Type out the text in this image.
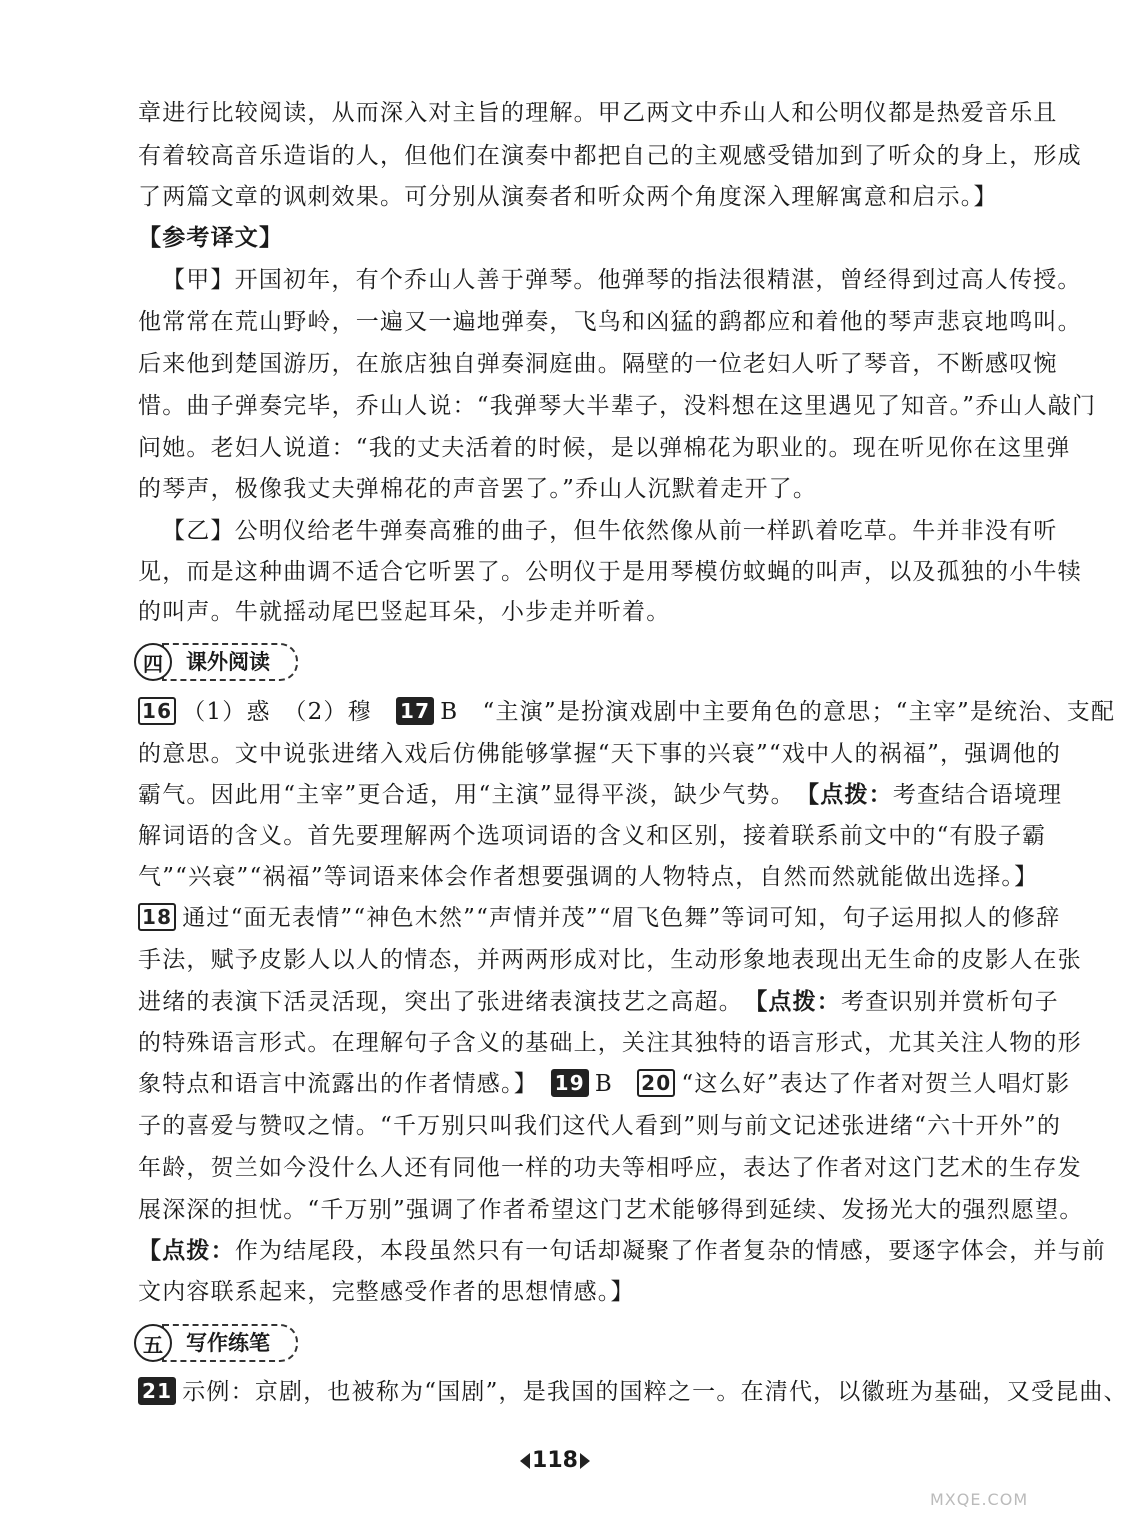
章进行比较阅读，从而深入对主旨的理解。甲乙两文中乔山人和公明仪都是热爱音乐且
有着较高音乐造诣的人，但他们在演奏中都把自己的主观感受错加到了听众的身上，形成
了两篇文章的讽刺效果。可分别从演奏者和听众两个角度深入理解寓意和启示。】
【参考译文】
【甲】开国初年，有个乔山人善于弹琴。他弹琴的指法很精湛，曾经得到过高人传授。
他常常在荒山野岭，一遍又一遍地弹奏，飞鸟和凶猛的鹞都应和着他的琴声悲哀地鸣叫。
后来他到楚国游历，在旅店独自弹奏洞庭曲。隔壁的一位老妇人听了琴音，不断感叹惋
惜。曲子弹奏完毕，乔山人说：“我弹琴大半辈子，没料想在这里遇见了知音。”乔山人敲门
问她。老妇人说道：“我的丈夫活着的时候，是以弹棉花为职业的。现在听见你在这里弹
的琴声，极像我丈夫弹棉花的声音罢了。”乔山人沉默着走开了。
【乙】公明仪给老牛弹奏高雅的曲子，但牛依然像从前一样趴着吃草。牛并非没有听
见，而是这种曲调不适合它听罢了。公明仪于是用琴模仿蚊蝇的叫声，以及孤独的小牛犊
的叫声。牛就摇动尾巴竖起耳朵，小步走并听着。
四	课外阅读
16 （1）惑　（2）穆　 17 B　“主演”是扮演戏剧中主要角色的意思；“主宰”是统治、支配
的意思。文中说张进绪入戏后仿佛能够掌握“天下事的兴衰”“戏中人的祸福”，强调他的
霸气。因此用“主宰”更合适，用“主演”显得平淡，缺少气势。　【点拨：考查结合语境理
解词语的含义。首先要理解两个选项词语的含义和区别，接着联系前文中的“有股子霸
气”“兴衰”“祸福”等词语来体会作者想要强调的人物特点，自然而然就能做出选择。】
18 通过“面无表情”“神色木然”“声情并茂”“眉飞色舞”等词可知，句子运用拟人的修辞
手法，赋予皮影人以人的情态，并两两形成对比，生动形象地表现出无生命的皮影人在张
进绪的表演下活灵活现，突出了张进绪表演技艺之高超。　【点拨：考查识别并赏析句子
的特殊语言形式。在理解句子含义的基础上，关注其独特的语言形式，尤其关注人物的形
象特点和语言中流露出的作者情感。】　 19 B　 20 “这么好”表达了作者对贺兰人唱灯影
子的喜爱与赞叹之情。“千万别只叫我们这代人看到”则与前文记述张进绪“六十开外”的
年龄，贺兰如今没什么人还有同他一样的功夫等相呼应，表达了作者对这门艺术的生存发
展深深的担忧。“千万别”强调了作者希望这门艺术能够得到延续、发扬光大的强烈愿望。
【点拨：作为结尾段，本段虽然只有一句话却凝聚了作者复杂的情感，要逐字体会，并与前
文内容联系起来，完整感受作者的思想情感。】
五	写作练笔
21 示例：京剧，也被称为“国剧”，是我国的国粹之一。在清代，以徽班为基础，又受昆曲、
118
MXQE.COM
